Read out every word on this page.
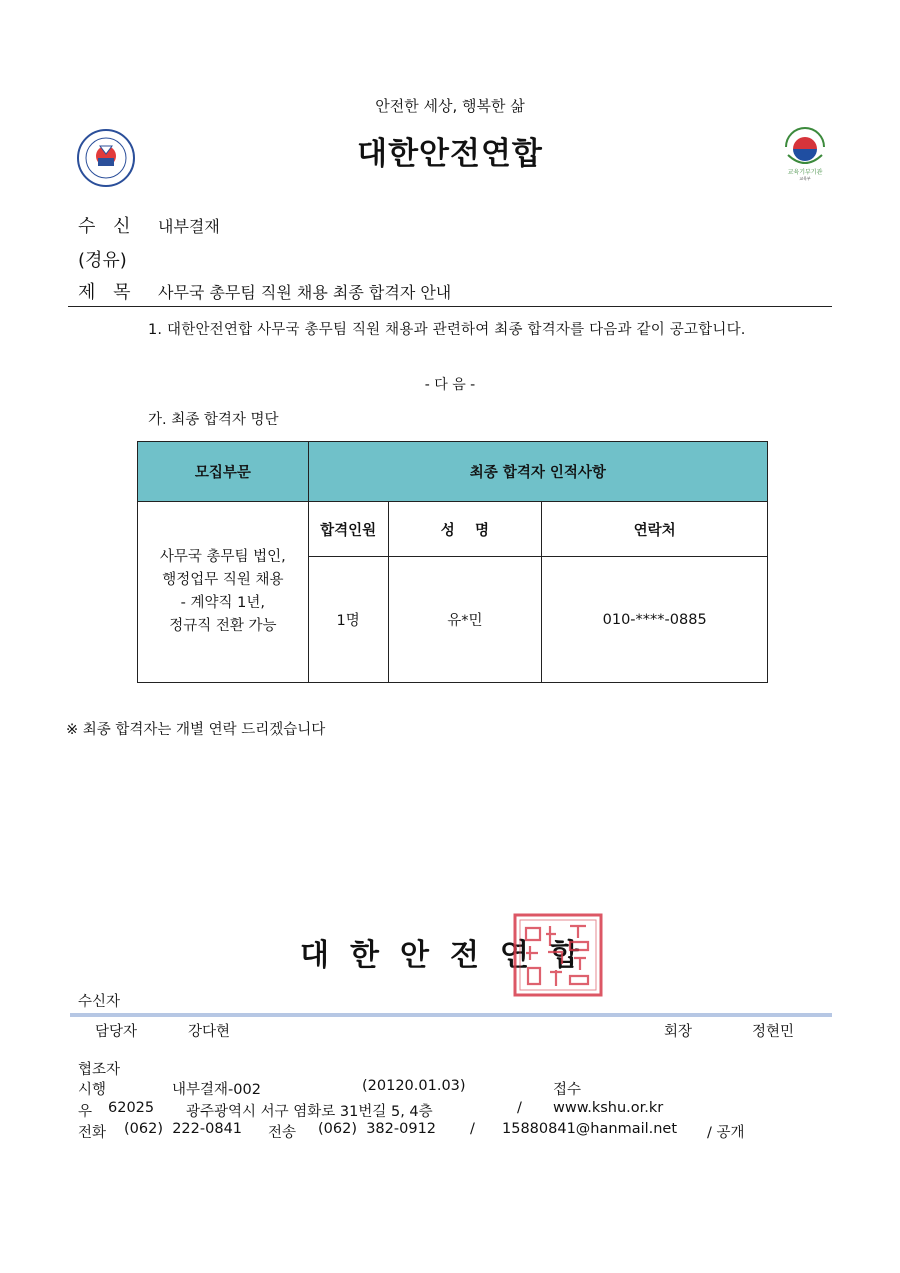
안전한 세상, 행복한 삶
대한안전연합
교육기부기관
교육부
수 신 내부결재
(경유)
제 목 사무국 총무팀 직원 채용 최종 합격자 안내
1. 대한안전연합 사무국 총무팀 직원 채용과 관련하여 최종 합격자를 다음과 같이 공고합니다.
- 다 음 -
가. 최종 합격자 명단
모집부문	최종 합격자 인적사항		

사무국 총무팀 법인,
행정업무 직원 채용
- 계약직 1년,
정규직 전환 가능	합격인원	성    명	연락처
	1명	유*민	010-****-0885
※ 최종 합격자는 개별 연락 드리겠습니다
대한안전연합
수신자
담당자	강다현	회장	정현민
협조자
시행	내부결재-002	(20120.01.03)	접수
우 62025 광주광역시 서구 염화로 31번길 5, 4층	/ www.kshu.or.kr
전화 (062)  222-0841 전송 (062)  382-0912 / 15880841@hanmail.net / 공개
